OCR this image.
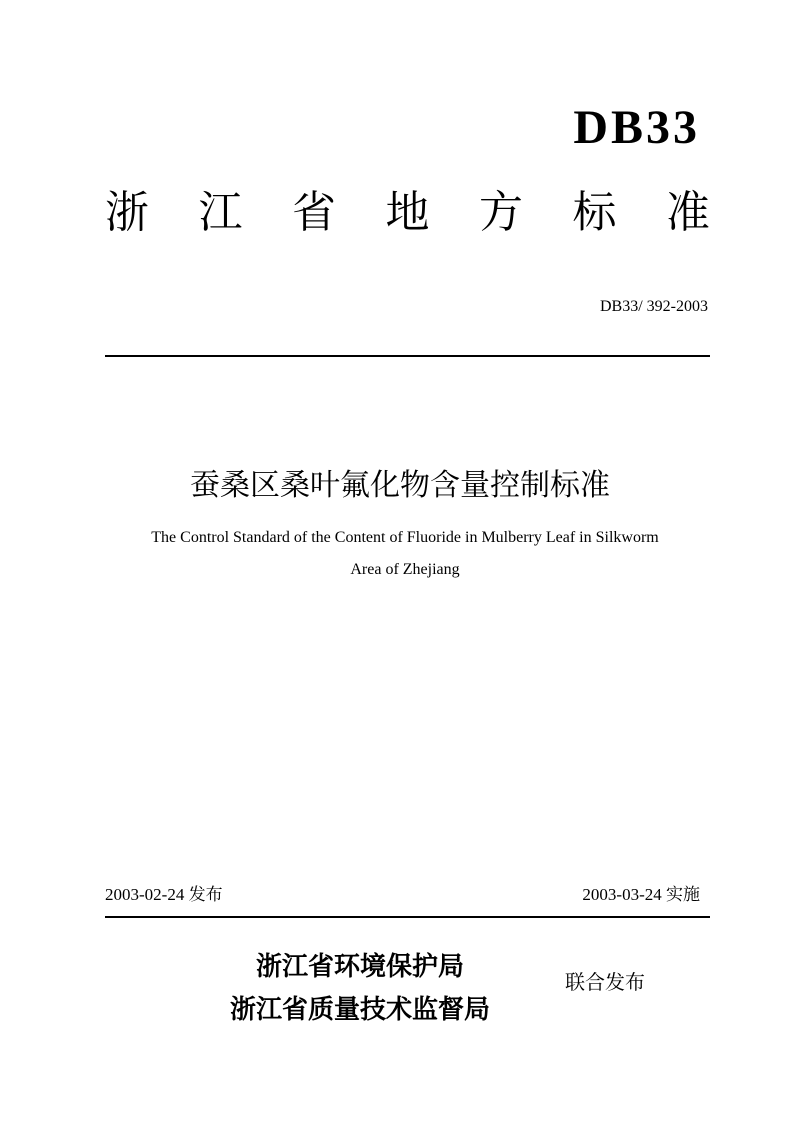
DB33
浙 江 省 地 方 标 准
DB33/ 392-2003
蚕桑区桑叶氟化物含量控制标准
The Control Standard of the Content of Fluoride in Mulberry Leaf in Silkworm
Area of Zhejiang
2003-02-24 发布	2003-03-24 实施
浙江省环境保护局
浙江省质量技术监督局
联合发布
